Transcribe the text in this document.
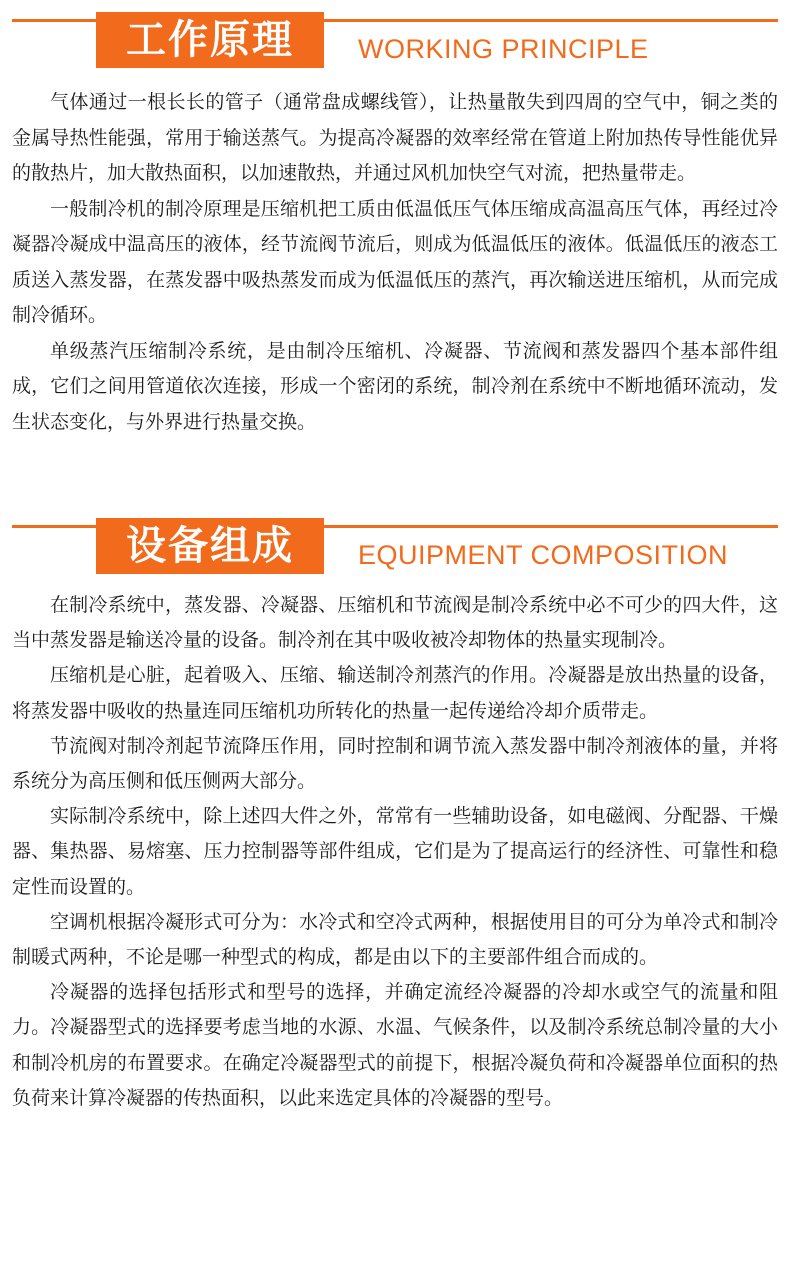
工作原理	WORKING PRINCIPLE

气体通过一根长长的管子（通常盘成螺线管），让热量散失到四周的空气中，铜之类的金属导热性能强，常用于输送蒸气。为提高冷凝器的效率经常在管道上附加热传导性能优异的散热片，加大散热面积，以加速散热，并通过风机加快空气对流，把热量带走。

一般制冷机的制冷原理是压缩机把工质由低温低压气体压缩成高温高压气体，再经过冷凝器冷凝成中温高压的液体，经节流阀节流后，则成为低温低压的液体。低温低压的液态工质送入蒸发器，在蒸发器中吸热蒸发而成为低温低压的蒸汽，再次输送进压缩机，从而完成制冷循环。

单级蒸汽压缩制冷系统，是由制冷压缩机、冷凝器、节流阀和蒸发器四个基本部件组成，它们之间用管道依次连接，形成一个密闭的系统，制冷剂在系统中不断地循环流动，发生状态变化，与外界进行热量交换。

设备组成	EQUIPMENT COMPOSITION

在制冷系统中，蒸发器、冷凝器、压缩机和节流阀是制冷系统中必不可少的四大件，这当中蒸发器是输送冷量的设备。制冷剂在其中吸收被冷却物体的热量实现制冷。

压缩机是心脏，起着吸入、压缩、输送制冷剂蒸汽的作用。冷凝器是放出热量的设备，将蒸发器中吸收的热量连同压缩机功所转化的热量一起传递给冷却介质带走。

节流阀对制冷剂起节流降压作用，同时控制和调节流入蒸发器中制冷剂液体的量，并将系统分为高压侧和低压侧两大部分。

实际制冷系统中，除上述四大件之外，常常有一些辅助设备，如电磁阀、分配器、干燥器、集热器、易熔塞、压力控制器等部件组成，它们是为了提高运行的经济性、可靠性和稳定性而设置的。

空调机根据冷凝形式可分为：水冷式和空冷式两种，根据使用目的可分为单冷式和制冷制暖式两种，不论是哪一种型式的构成，都是由以下的主要部件组合而成的。

冷凝器的选择包括形式和型号的选择，并确定流经冷凝器的冷却水或空气的流量和阻力。冷凝器型式的选择要考虑当地的水源、水温、气候条件，以及制冷系统总制冷量的大小和制冷机房的布置要求。在确定冷凝器型式的前提下，根据冷凝负荷和冷凝器单位面积的热负荷来计算冷凝器的传热面积，以此来选定具体的冷凝器的型号。
